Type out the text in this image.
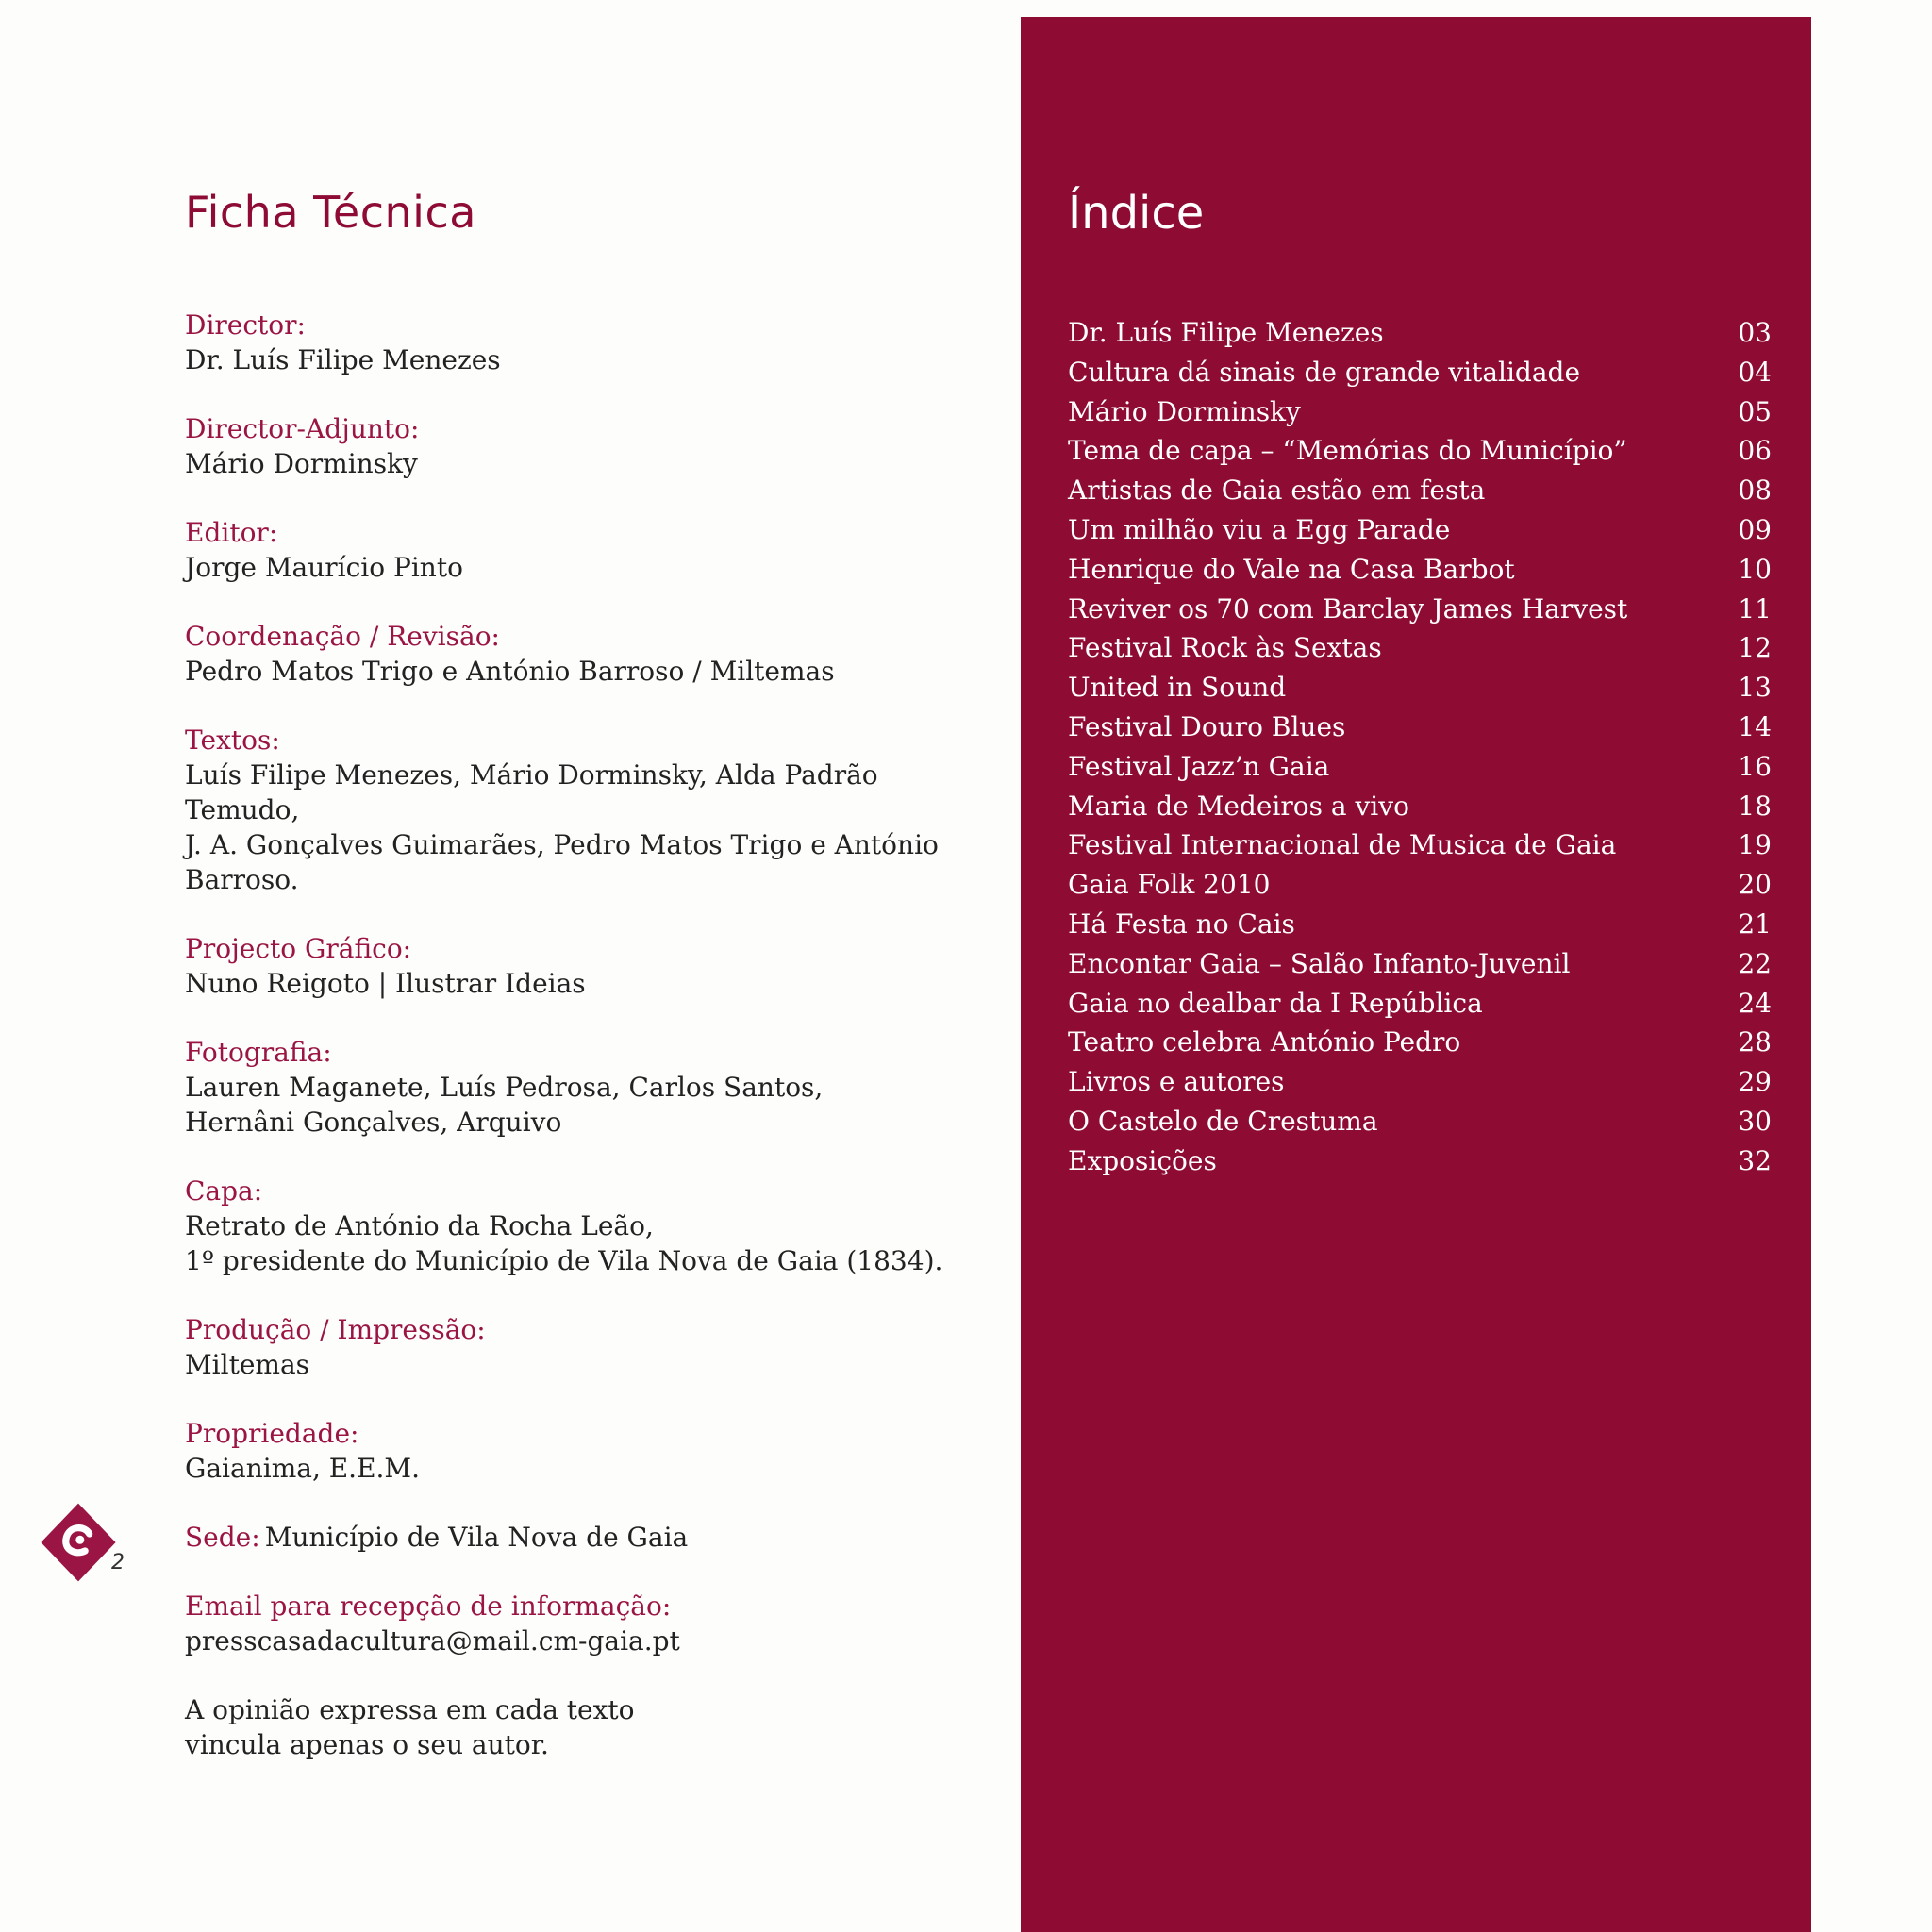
Ficha Técnica
Director:
Dr. Luís Filipe Menezes
Director-Adjunto:
Mário Dorminsky
Editor:
Jorge Maurício Pinto
Coordenação / Revisão:
Pedro Matos Trigo e António Barroso / Miltemas
Textos:
Luís Filipe Menezes, Mário Dorminsky, Alda Padrão Temudo,
J. A. Gonçalves Guimarães, Pedro Matos Trigo e António Barroso.
Projecto Gráfico:
Nuno Reigoto | Ilustrar Ideias
Fotografia:
Lauren Maganete, Luís Pedrosa, Carlos Santos,
Hernâni Gonçalves, Arquivo
Capa:
Retrato de António da Rocha Leão,
1º presidente do Município de Vila Nova de Gaia (1834).
Produção / Impressão:
Miltemas
Propriedade:
Gaianima, E.E.M.
Sede: Município de Vila Nova de Gaia
Email para recepção de informação:
presscasadacultura@mail.cm-gaia.pt
A opinião expressa em cada texto
vincula apenas o seu autor.
2
Índice
Dr. Luís Filipe Menezes	03
Cultura dá sinais de grande vitalidade	04
Mário Dorminsky	05
Tema de capa – “Memórias do Município”	06
Artistas de Gaia estão em festa	08
Um milhão viu a Egg Parade	09
Henrique do Vale na Casa Barbot	10
Reviver os 70 com Barclay James Harvest	11
Festival Rock às Sextas	12
United in Sound	13
Festival Douro Blues	14
Festival Jazz’n Gaia	16
Maria de Medeiros a vivo	18
Festival Internacional de Musica de Gaia	19
Gaia Folk 2010	20
Há Festa no Cais	21
Encontar Gaia – Salão Infanto-Juvenil	22
Gaia no dealbar da I República	24
Teatro celebra António Pedro	28
Livros e autores	29
O Castelo de Crestuma	30
Exposições	32
